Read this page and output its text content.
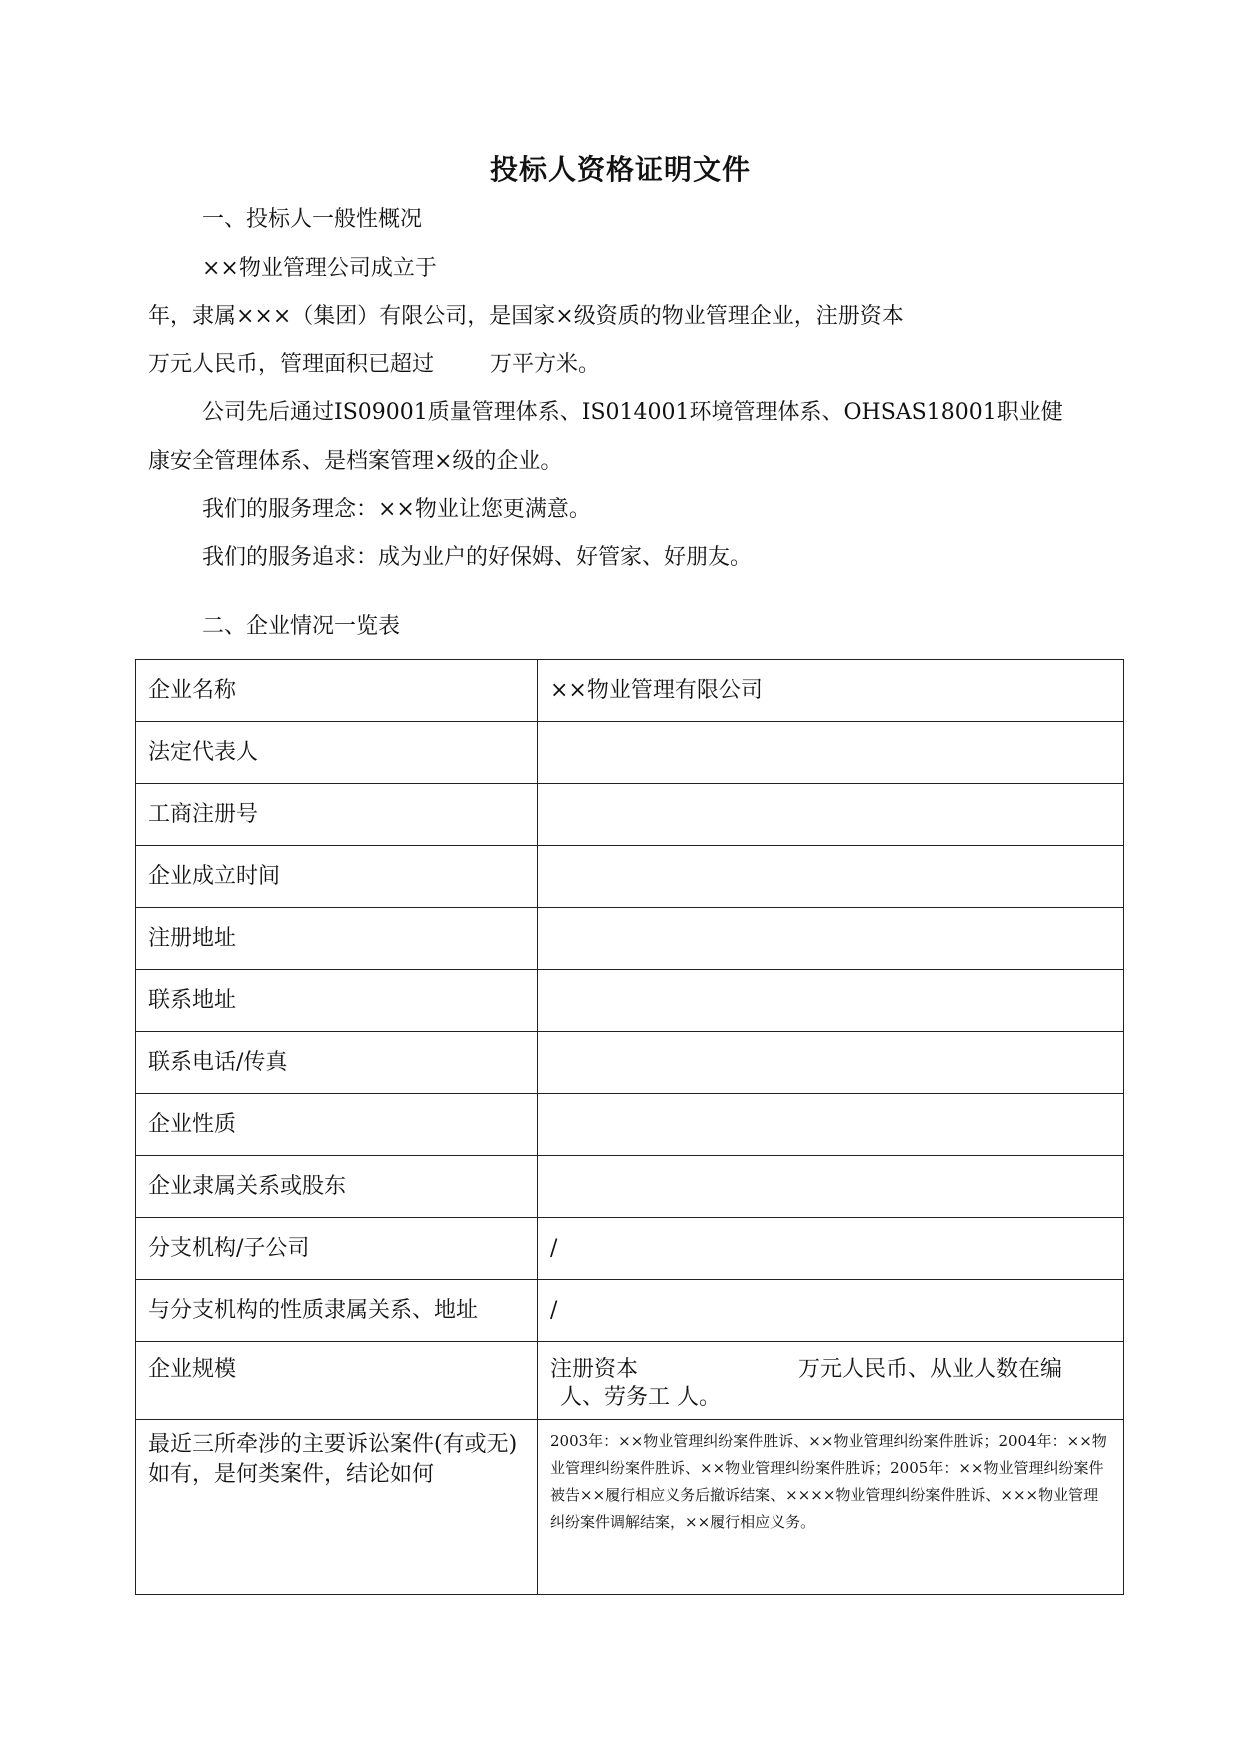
投标人资格证明文件
一、投标人一般性概况
××物业管理公司成立于
年，隶属×××（集团）有限公司，是国家×级资质的物业管理企业，注册资本
万元人民币，管理面积已超过	万平方米。
公司先后通过IS09001质量管理体系、IS014001环境管理体系、OHSAS18001职业健
康安全管理体系、是档案管理×级的企业。
我们的服务理念：××物业让您更满意。
我们的服务追求：成为业户的好保姆、好管家、好朋友。
二、企业情况一览表
企业名称	××物业管理有限公司
法定代表人	
工商注册号	
企业成立时间	
注册地址	
联系地址	
联系电话/传真	
企业性质	
企业隶属关系或股东	
分支机构/子公司	/
与分支机构的性质隶属关系、地址	/
企业规模	注册资本 万元人民币、从业人数在编
人、劳务工 人。
最近三所牵涉的主要诉讼案件(有或无)如有，是何类案件，结论如何	2003年：××物业管理纠纷案件胜诉、××物业管理纠纷案件胜诉；2004年：××物业管理纠纷案件胜诉、××物业管理纠纷案件胜诉；2005年：××物业管理纠纷案件被告××履行相应义务后撤诉结案、××××物业管理纠纷案件胜诉、×××物业管理纠纷案件调解结案，××履行相应义务。
